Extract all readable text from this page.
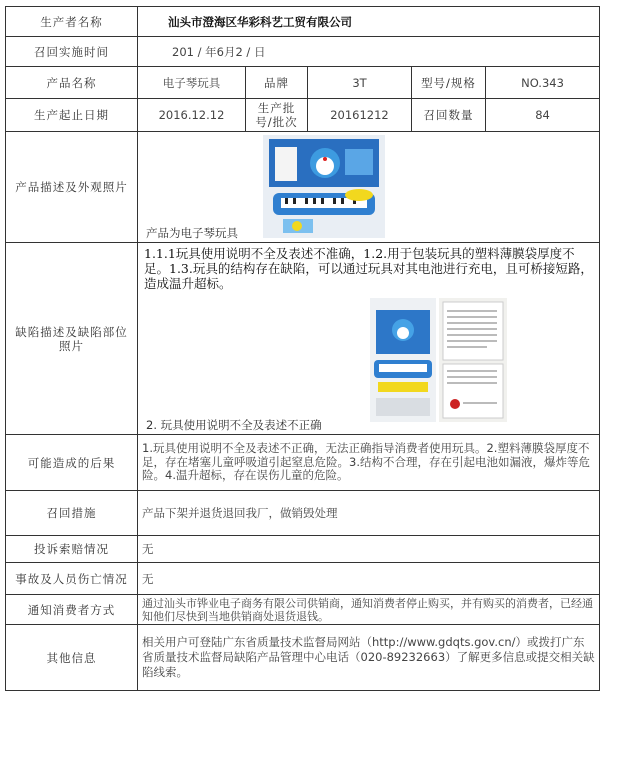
生产者名称	汕头市澄海区华彩科艺工贸有限公司				
召回实施时间	201 / 年6月2 / 日				
产品名称	电子琴玩具	品牌	3T	型号/规格	NO.343
生产起止日期	2016.12.12	生产批号/批次	20161212	召回数量	84
产品描述及外观照片	产品为电子琴玩具				

缺陷描述及缺陷部位照片	1.1.1玩具使用说明不全及表述不准确，1.2.用于包装玩具的塑料薄膜袋厚度不足。1.3.玩具的结构存在缺陷，可以通过玩具对其电池进行充电，且可桥接短路，造成温升超标。
2. 玩具使用说明不全及表述不正确				

可能造成的后果	1.玩具使用说明不全及表述不正确，无法正确指导消费者使用玩具。2.塑料薄膜袋厚度不足，存在堵塞儿童呼吸道引起窒息危险。3.结构不合理，存在引起电池如漏液，爆炸等危险。4.温升超标，存在误伤儿童的危险。				
召回措施	产品下架并退货退回我厂，做销毁处理				
投诉索赔情况	无				
事故及人员伤亡情况	无				
通知消费者方式	通过汕头市铧业电子商务有限公司供销商，通知消费者停止购买，并有购买的消费者，已经通知他们尽快到当地供销商处退货退钱。				
其他信息	相关用户可登陆广东省质量技术监督局网站（http://www.gdqts.gov.cn/）或拨打广东省质量技术监督局缺陷产品管理中心电话（020-89232663）了解更多信息或提交相关缺陷线索。				
